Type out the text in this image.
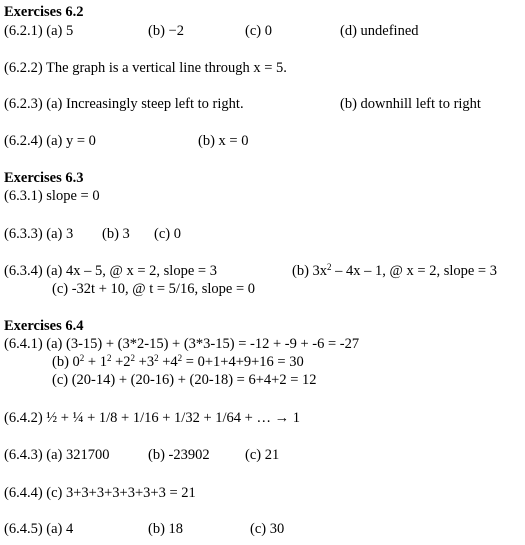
Exercises 6.2
(6.2.1) (a) 5	(b) −2	(c) 0	(d) undefined
(6.2.2) The graph is a vertical line through x = 5.
(6.2.3) (a) Increasingly steep left to right.	(b) downhill left to right
(6.2.4) (a) y = 0	(b) x = 0
Exercises 6.3
(6.3.1) slope = 0
(6.3.3) (a) 3 (b) 3 (c) 0
(6.3.4) (a) 4x – 5, @ x = 2, slope = 3	(b) $3x^2 - 4x - 1$, @ x = 2, slope = 3
(c) -32t + 10, @ t = 5/16, slope = 0
Exercises 6.4
(6.4.1) (a) (3-15) + (3*2-15) + (3*3-15) = -12 + -9 + -6 = -27
(b) $0^2 + 1^2 +2^2 +3^2 +4^2 = 0+1+4+9+16 = 30$
(c) (20-14) + (20-16) + (20-18) = 6+4+2 = 12
(6.4.2) ½ + ¼ + 1/8 + 1/16 + 1/32 + 1/64 + … → 1
(6.4.3) (a) 321700	(b) -23902 (c) 21
(6.4.4) (c) 3+3+3+3+3+3+3 = 21
(6.4.5) (a) 4	(b) 18	(c) 30
